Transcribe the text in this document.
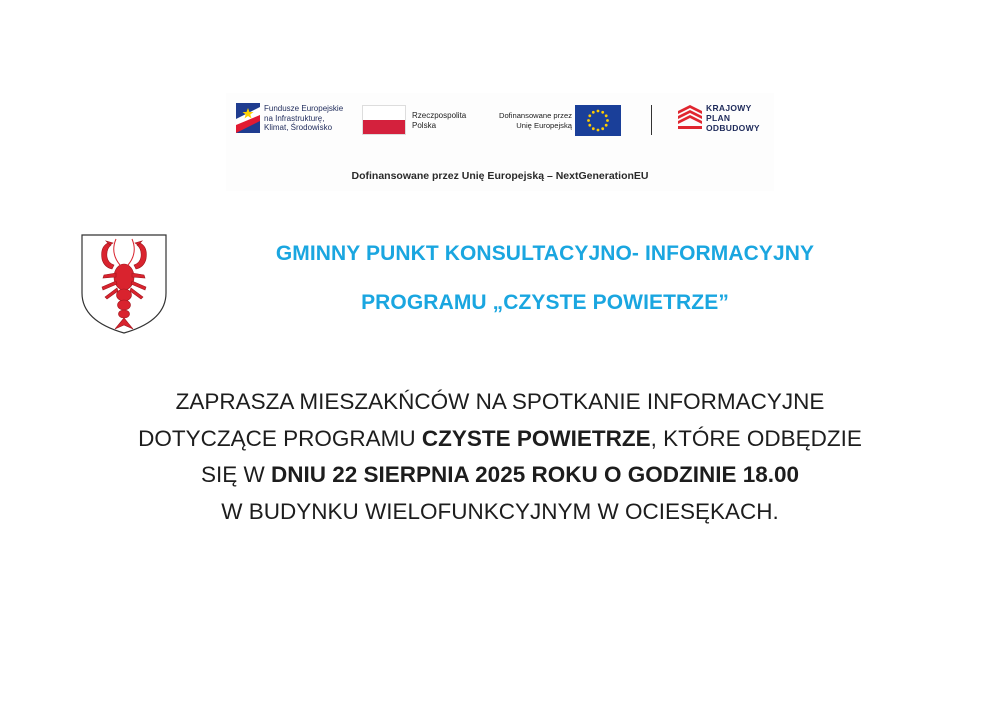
Fundusze Europejskie
na Infrastrukturę,
Klimat, Środowisko
Rzeczpospolita
Polska
Dofinansowane przez
Unię Europejską
KRAJOWY
PLAN
ODBUDOWY
Dofinansowane przez Unię Europejską – NextGenerationEU
GMINNY PUNKT KONSULTACYJNO- INFORMACYJNY
PROGRAMU „CZYSTE POWIETRZE”
ZAPRASZA MIESZAKŃCÓW NA SPOTKANIE INFORMACYJNE
DOTYCZĄCE PROGRAMU CZYSTE POWIETRZE, KTÓRE ODBĘDZIE
SIĘ W DNIU 22 SIERPNIA 2025 ROKU O GODZINIE 18.00
W BUDYNKU WIELOFUNKCYJNYM W OCIESĘKACH.
